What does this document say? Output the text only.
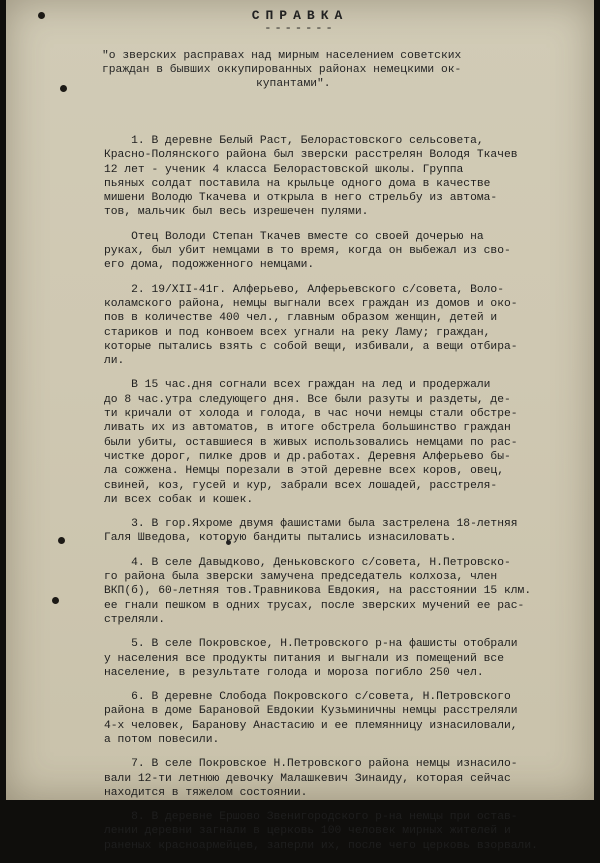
СПРАВКА
-------
"о зверских расправах над мирным населением советских
граждан в бывших оккупированных районах немецкими ок-
купантами".
1. В деревне Белый Раст, Белорастовского сельсовета,
Красно-Полянского района был зверски расстрелян Володя Ткачев
12 лет - ученик 4 класса Белорастовской школы. Группа
пьяных солдат поставила на крыльце одного дома в качестве
мишени Володю Ткачева и открыла в него стрельбу из автома-
тов, мальчик был весь изрешечен пулями.
Отец Володи Степан Ткачев вместе со своей дочерью на
руках, был убит немцами в то время, когда он выбежал из сво-
его дома, подожженного немцами.
2. 19/XII-41г. Алферьево, Алферьевского с/совета, Воло-
коламского района, немцы выгнали всех граждан из домов и око-
пов в количестве 400 чел., главным образом женщин, детей и
стариков и под конвоем всех угнали на реку Ламу; граждан,
которые пытались взять с собой вещи, избивали, а вещи отбира-
ли.
В 15 час.дня согнали всех граждан на лед и продержали
до 8 час.утра следующего дня. Все были разуты и раздеты, де-
ти кричали от холода и голода, в час ночи немцы стали обстре-
ливать их из автоматов, в итоге обстрела большинство граждан
были убиты, оставшиеся в живых использовались немцами по рас-
чистке дорог, пилке дров и др.работах. Деревня Алферьево бы-
ла сожжена. Немцы порезали в этой деревне всех коров, овец,
свиней, коз, гусей и кур, забрали всех лошадей, расстреля-
ли всех собак и кошек.
3. В гор.Яхроме двумя фашистами была застрелена 18-летняя
Галя Шведова, которую бандиты пытались изнасиловать.
4. В селе Давыдково, Деньковского с/совета, Н.Петровско-
го района была зверски замучена председатель колхоза, член
ВКП(б), 60-летняя тов.Травникова Евдокия, на расстоянии 15 клм.
ее гнали пешком в одних трусах, после зверских мучений ее рас-
стреляли.
5. В селе Покровское, Н.Петровского р-на фашисты отобрали
у населения все продукты питания и выгнали из помещений все
население, в результате голода и мороза погибло 250 чел.
6. В деревне Слобода Покровского с/совета, Н.Петровского
района в доме Барановой Евдокии Кузьминичны немцы расстреляли
4-х человек, Баранову Анастасию и ее племянницу изнасиловали,
а потом повесили.
7. В селе Покровское Н.Петровского района немцы изнасило-
вали 12-ти летнюю девочку Малашкевич Зинаиду, которая сейчас
находится в тяжелом состоянии.
8. В деревне Ершово Звенигородского р-на немцы при остав-
лении деревни загнали в церковь 100 человек мирных жителей и
раненых красноармейцев, заперли их, после чего церковь взорвали.
